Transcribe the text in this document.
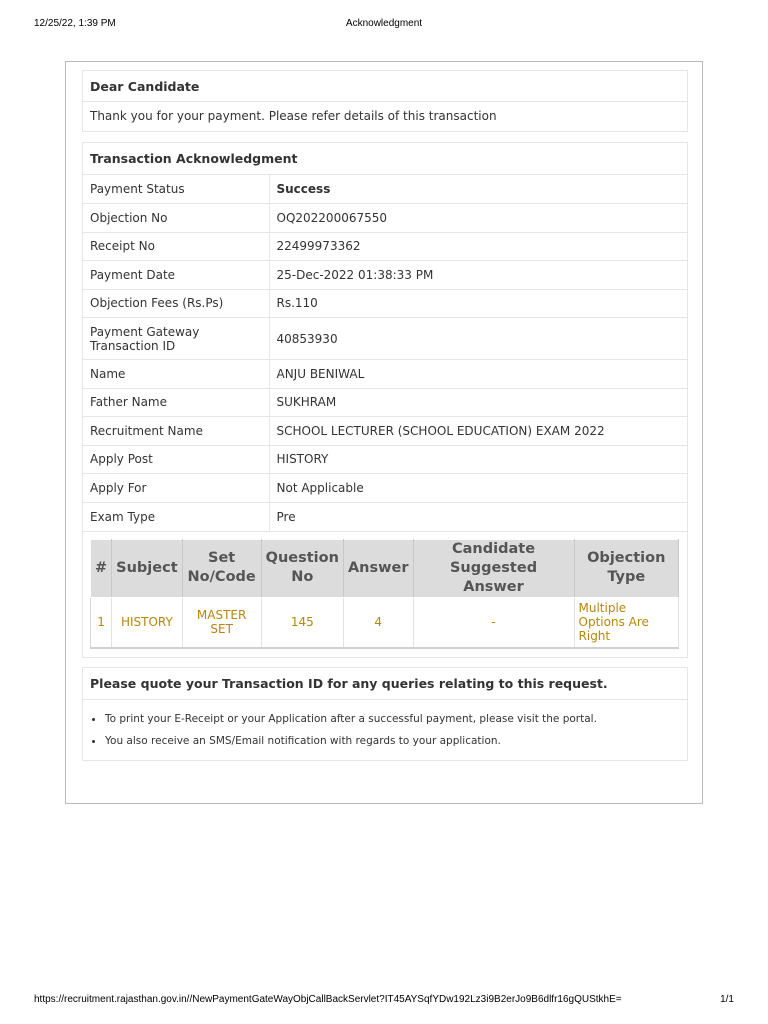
12/25/22, 1:39 PM	Acknowledgment
Dear Candidate
Thank you for your payment. Please refer details of this transaction
Transaction Acknowledgment
Payment Status	Success
Objection No	OQ202200067550
Receipt No	22499973362
Payment Date	25-Dec-2022 01:38:33 PM
Objection Fees (Rs.Ps)	Rs.110
Payment Gateway Transaction ID	40853930
Name	ANJU BENIWAL
Father Name	SUKHRAM
Recruitment Name	SCHOOL LECTURER (SCHOOL EDUCATION) EXAM 2022
Apply Post	HISTORY
Apply For	Not Applicable
Exam Type	Pre
#	Subject	Set No/Code	Question No	Answer	Candidate Suggested Answer	Objection Type
1	HISTORY	MASTER SET	145	4	-	Multiple Options Are Right
Please quote your Transaction ID for any queries relating to this request.
• To print your E-Receipt or your Application after a successful payment, please visit the portal.
• You also receive an SMS/Email notification with regards to your application.
https://recruitment.rajasthan.gov.in//NewPaymentGateWayObjCallBackServlet?IT45AYSqfYDw192Lz3i9B2erJo9B6dlfr16gQUStkhE=	1/1
